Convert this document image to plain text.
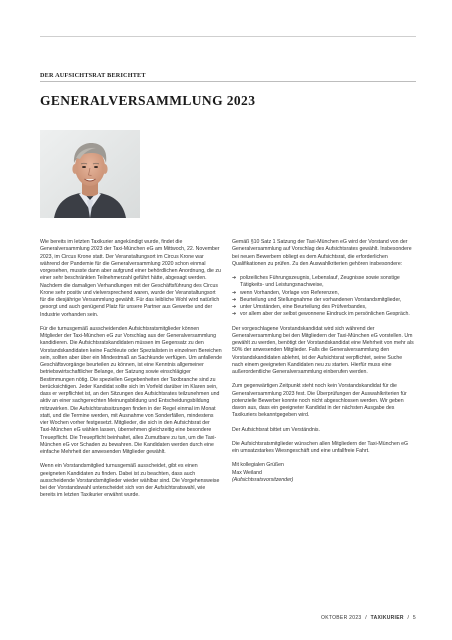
DER AUFSICHTSRAT BERICHTET
GENERALVERSAMMLUNG 2023

Wie bereits im letzten Taxikurier angekündigt wurde, findet die Generalversammlung 2023 der Taxi-München eG am Mittwoch, 22. November 2023, im Circus Krone statt. Der Veranstaltungsort im Circus Krone war während der Pandemie für die Generalversammlung 2020 schon einmal vorgesehen, musste dann aber aufgrund einer behördlichen Anordnung, die zu einer sehr beschränkten Teilnehmerzahl geführt hätte, abgesagt werden. Nachdem die damaligen Verhandlungen mit der Geschäftsführung des Circus Krone sehr positiv und vielversprechend waren, wurde der Veranstaltungsort für die diesjährige Versammlung gewählt. Für das leibliche Wohl wird natürlich gesorgt und auch genügend Platz für unsere Partner aus Gewerbe und der Industrie vorhanden sein.

Für die turnusgemäß ausscheidenden Aufsichtsratsmitglieder können Mitglieder der Taxi-München eG zur Vorschlag aus der Generalversammlung kandidieren. Die Aufsichtsratskandidaten müssen im Gegensatz zu den Vorstandskandidaten keine Fachleute oder Spezialisten in einzelnen Bereichen sein, sollten aber über ein Mindestmaß an Sachkunde verfügen. Um anfallende Geschäftsvorgänge beurteilen zu können, ist eine Kenntnis allgemeiner betriebswirtschaftlicher Belange, der Satzung sowie einschlägiger Bestimmungen nötig. Die speziellen Gegebenheiten der Taxibranche sind zu berücksichtigen. Jeder Kandidat sollte sich im Vorfeld darüber im Klaren sein, dass er verpflichtet ist, an den Sitzungen des Aufsichtsrates teilzunehmen und aktiv an einer sachgerechten Meinungsbildung und Entscheidungsbildung mitzuwirken. Die Aufsichtsratssitzungen finden in der Regel einmal im Monat statt, und die Termine werden, mit Ausnahme von Sonderfällen, mindestens vier Wochen vorher festgesetzt. Mitglieder, die sich in den Aufsichtsrat der Taxi-München eG wählen lassen, übernehmen gleichzeitig eine besondere Treuepflicht. Die Treuepflicht beinhaltet, alles Zumutbare zu tun, um die Taxi-München eG vor Schaden zu bewahren. Die Kandidaten werden durch eine einfache Mehrheit der anwesenden Mitglieder gewählt.

Wenn ein Vorstandsmitglied turnusgemäß ausscheidet, gibt es einen geeigneten Kandidaten zu finden. Dabei ist zu beachten, dass auch ausscheidende Vorstandsmitglieder wieder wählbar sind. Die Vorgehensweise bei der Vorstandswahl unterscheidet sich von der Aufsichtsratswahl, wie bereits im letzten Taxikurier erwähnt wurde.

Gemäß §10 Satz 1 Satzung der Taxi-München eG wird der Vorstand von der Generalversammlung auf Vorschlag des Aufsichtsrates gewählt. Insbesondere bei neuen Bewerbern obliegt es dem Aufsichtsrat, die erforderlichen Qualifikationen zu prüfen. Zu den Auswahlkriterien gehören insbesondere:

➔ polizeiliches Führungszeugnis, Lebenslauf, Zeugnisse sowie sonstige Tätigkeits- und Leistungsnachweise,
➔ wenn Vorhanden, Vorlage von Referenzen,
➔ Beurteilung und Stellungnahme der vorhandenen Vorstandsmitglieder,
➔ unter Umständen, eine Beurteilung des Prüfverbandes,
➔ vor allem aber der selbst gewonnene Eindruck im persönlichen Gespräch.

Der vorgeschlagene Vorstandskandidat wird sich während der Generalversammlung bei den Mitgliedern der Taxi-München eG vorstellen. Um gewählt zu werden, benötigt der Vorstandskandidat eine Mehrheit von mehr als 50% der anwesenden Mitglieder. Falls die Generalversammlung den Vorstandskandidaten ablehnt, ist der Aufsichtsrat verpflichtet, seine Suche nach einem geeigneten Kandidaten neu zu starten. Hierfür muss eine außerordentliche Generalversammlung einberufen werden.

Zum gegenwärtigen Zeitpunkt steht noch kein Vorstandskandidat für die Generalversammlung 2023 fest. Die Überprüfungen der Auswahlkriterien für potenzielle Bewerber konnte noch nicht abgeschlossen werden. Wir geben davon aus, dass ein geeigneter Kandidat in der nächsten Ausgabe des Taxikuriers bekanntgegeben wird.

Der Aufsichtsrat bittet um Verständnis.

Die Aufsichtsratsmitglieder wünschen allen Mitgliedern der Taxi-München eG ein umsatzstarkes Wiesngeschäft und eine unfallfreie Fahrt.

Mit kollegialen Grüßen

Max Weiland

(Aufsichtsratsvorsitzender)

OKTOBER 2023 / TAXIKURIER / 5
